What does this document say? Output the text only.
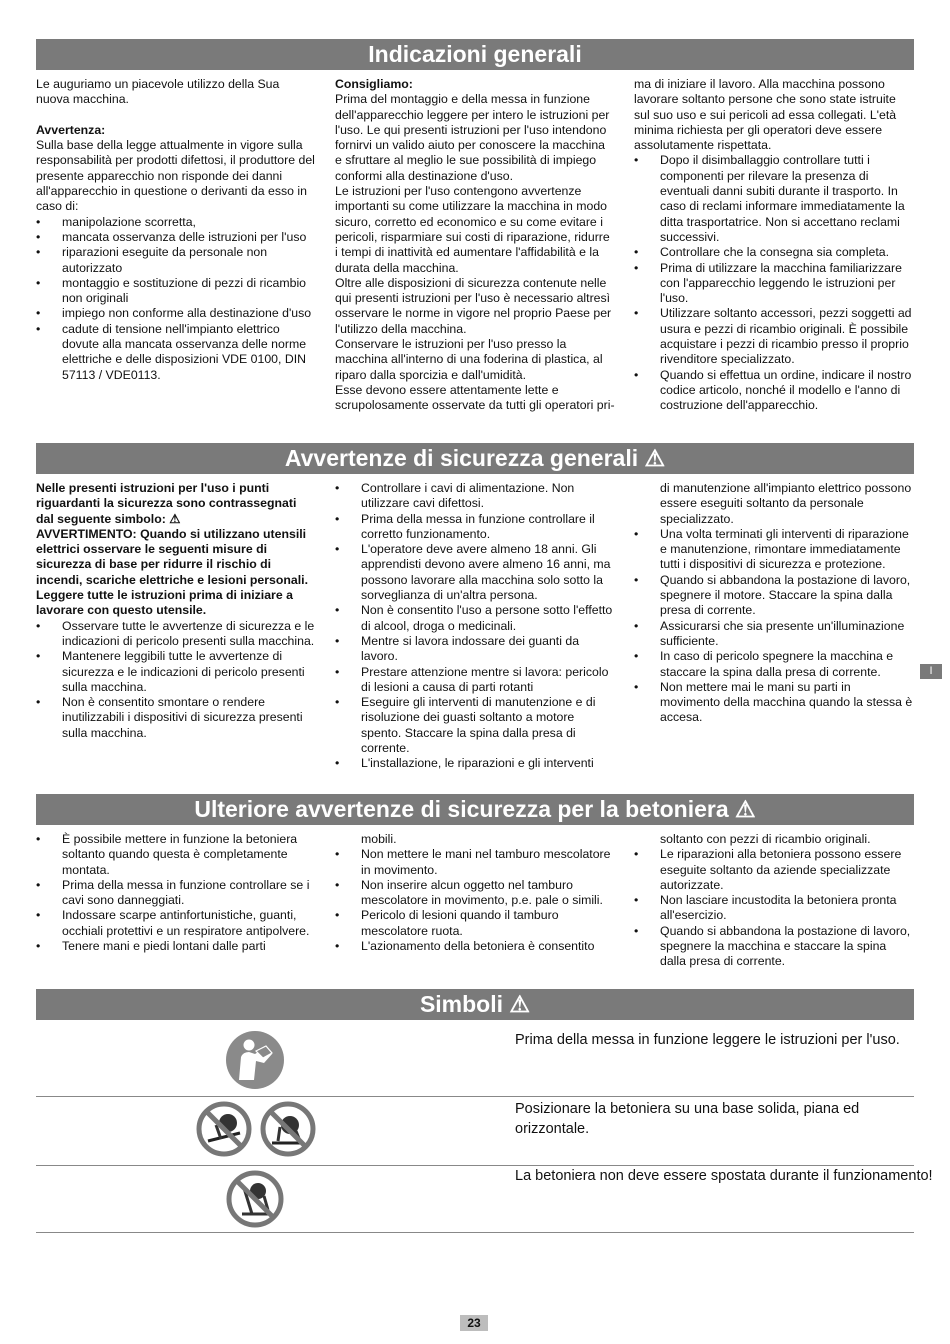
Indicazioni generali

Le auguriamo un piacevole utilizzo della Sua nuova macchina.

Avvertenza:

Sulla base della legge attualmente in vigore sulla responsabilità per prodotti difettosi, il produttore del presente apparecchio non risponde dei danni all'apparecchio in questione o derivanti da esso in caso di:

•	manipolazione scorretta,
•	mancata osservanza delle istruzioni per l'uso
•	riparazioni eseguite da personale non autorizzato
•	montaggio e sostituzione di pezzi di ricambio non originali
•	impiego non conforme alla destinazione d'uso
•	cadute di tensione nell'impianto elettrico dovute alla mancata osservanza delle norme elettriche e delle disposizioni VDE 0100, DIN 57113 / VDE0113.

Consigliamo:

Prima del montaggio e della messa in funzione dell'apparecchio leggere per intero le istruzioni per l'uso. Le qui presenti istruzioni per l'uso intendono fornirvi un valido aiuto per conoscere la macchina e sfruttare al meglio le sue possibilità di impiego conformi alla destinazione d'uso.

Le istruzioni per l'uso contengono avvertenze importanti su come utilizzare la macchina in modo sicuro, corretto ed economico e su come evitare i pericoli, risparmiare sui costi di riparazione, ridurre i tempi di inattività ed aumentare l'affidabilità e la durata della macchina.

Oltre alle disposizioni di sicurezza contenute nelle qui presenti istruzioni per l'uso è necessario altresì osservare le norme in vigore nel proprio Paese per l'utilizzo della macchina.

Conservare le istruzioni per l'uso presso la macchina all'interno di una foderina di plastica, al riparo dalla sporcizia e dall'umidità.

Esse devono essere attentamente lette e scrupolosamente osservate da tutti gli operatori pri-

ma di iniziare il lavoro. Alla macchina possono lavorare soltanto persone che sono state istruite sul suo uso e sui pericoli ad essa collegati. L'età minima richiesta per gli operatori deve essere assolutamente rispettata.

•	Dopo il disimballaggio controllare tutti i componenti per rilevare la presenza di eventuali danni subiti durante il trasporto. In caso di reclami informare immediatamente la ditta trasportatrice. Non si accettano reclami successivi.
•	Controllare che la consegna sia completa.
•	Prima di utilizzare la macchina familiarizzare con l'apparecchio leggendo le istruzioni per l'uso.
•	Utilizzare soltanto accessori, pezzi soggetti ad usura e pezzi di ricambio originali. È possibile acquistare i pezzi di ricambio presso il proprio rivenditore specializzato.
•	Quando si effettua un ordine, indicare il nostro codice articolo, nonché il modello e l'anno di costruzione dell'apparecchio.
Avvertenze di sicurezza generali ⚠

Nelle presenti istruzioni per l'uso i punti riguardanti la sicurezza sono contrassegnati dal seguente simbolo: ⚠

AVVERTIMENTO: Quando si utilizzano utensili elettrici osservare le seguenti misure di sicurezza di base per ridurre il rischio di incendi, scariche elettriche e lesioni personali.

Leggere tutte le istruzioni prima di iniziare a lavorare con questo utensile.

•	Osservare tutte le avvertenze di sicurezza e le indicazioni di pericolo presenti sulla macchina.
•	Mantenere leggibili tutte le avvertenze di sicurezza e le indicazioni di pericolo presenti sulla macchina.
•	Non è consentito smontare o rendere inutilizzabili i dispositivi di sicurezza presenti sulla macchina.
•	Controllare i cavi di alimentazione. Non utilizzare cavi difettosi.
•	Prima della messa in funzione controllare il corretto funzionamento.
•	L'operatore deve avere almeno 18 anni. Gli apprendisti devono avere almeno 16 anni, ma possono lavorare alla macchina solo sotto la sorveglianza di un'altra persona.
•	Non è consentito l'uso a persone sotto l'effetto di alcool, droga o medicinali.
•	Mentre si lavora indossare dei guanti da lavoro.
•	Prestare attenzione mentre si lavora: pericolo di lesioni a causa di parti rotanti
•	Eseguire gli interventi di manutenzione e di risoluzione dei guasti soltanto a motore spento. Staccare la spina dalla presa di corrente.
•	L'installazione, le riparazioni e gli interventi
di manutenzione all'impianto elettrico possono essere eseguiti soltanto da personale specializzato.
•	Una volta terminati gli interventi di riparazione e manutenzione, rimontare immediatamente tutti i dispositivi di sicurezza e protezione.
•	Quando si abbandona la postazione di lavoro, spegnere il motore. Staccare la spina dalla presa di corrente.
•	Assicurarsi che sia presente un'illuminazione sufficiente.
•	In caso di pericolo spegnere la macchina e staccare la spina dalla presa di corrente.
•	Non mettere mai le mani su parti in movimento della macchina quando la stessa è accesa.
I
Ulteriore avvertenze di sicurezza per la betoniera ⚠
•	È possibile mettere in funzione la betoniera soltanto quando questa è completamente montata.
•	Prima della messa in funzione controllare se i cavi sono danneggiati.
•	Indossare scarpe antinfortunistiche, guanti, occhiali protettivi e un respiratore antipolvere.
•	Tenere mani e piedi lontani dalle parti
mobili.
•	Non mettere le mani nel tamburo mescolatore in movimento.
•	Non inserire alcun oggetto nel tamburo mescolatore in movimento, p.e. pale o simili.
•	Pericolo di lesioni quando il tamburo mescolatore ruota.
•	L'azionamento della betoniera è consentito
soltanto con pezzi di ricambio originali.
•	Le riparazioni alla betoniera possono essere eseguite soltanto da aziende specializzate autorizzate.
•	Non lasciare incustodita la betoniera pronta all'esercizio.
•	Quando si abbandona la postazione di lavoro, spegnere la macchina e staccare la spina dalla presa di corrente.
Simboli ⚠
Prima della messa in funzione leggere le istruzioni per l'uso.
Posizionare la betoniera su una base solida, piana ed orizzontale.
La betoniera non deve essere spostata durante il funzionamento!
23
